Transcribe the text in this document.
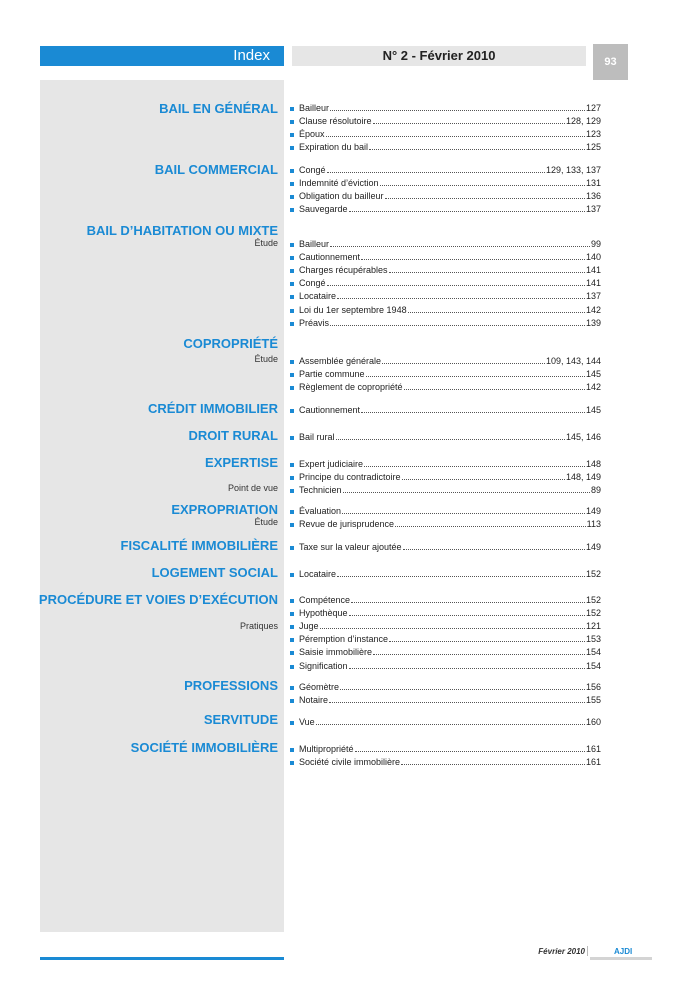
Index	N° 2 - Février 2010	93
BAIL EN GÉNÉRAL Bailleur	127
Clause résolutoire	128, 129
Époux	123
Expiration du bail	125
BAIL COMMERCIAL Congé	129, 133, 137
Indemnité d’éviction	131
Obligation du bailleur	136
Sauvegarde	137
BAIL D’HABITATION OU MIXTE
Étude Bailleur	99
Cautionnement	140
Charges récupérables	141
Congé	141
Locataire	137
Loi du 1er septembre 1948	142
Préavis	139
COPROPRIÉTÉ
Étude Assemblée générale	109, 143, 144
Partie commune	145
Règlement de copropriété	142
CRÉDIT IMMOBILIER Cautionnement	145
DROIT RURAL Bail rural	145, 146
EXPERTISE
Point de vue
Expert judiciaire	148
Principe du contradictoire	148, 149
Technicien	89
EXPROPRIATION
Étude
Évaluation	149
Revue de jurisprudence	113
FISCALITÉ IMMOBILIÈRE Taxe sur la valeur ajoutée	149
LOGEMENT SOCIAL Locataire	152
PROCÉDURE ET VOIES D’EXÉCUTION
Pratiques
Compétence	152
Hypothèque	152
Juge	121
Péremption d’instance	153
Saisie immobilière	154
Signification	154
PROFESSIONS Géomètre	156
Notaire	155
SERVITUDE Vue	160
SOCIÉTÉ IMMOBILIÈRE Multipropriété	161
Société civile immobilière	161
Février 2010	AJDI
